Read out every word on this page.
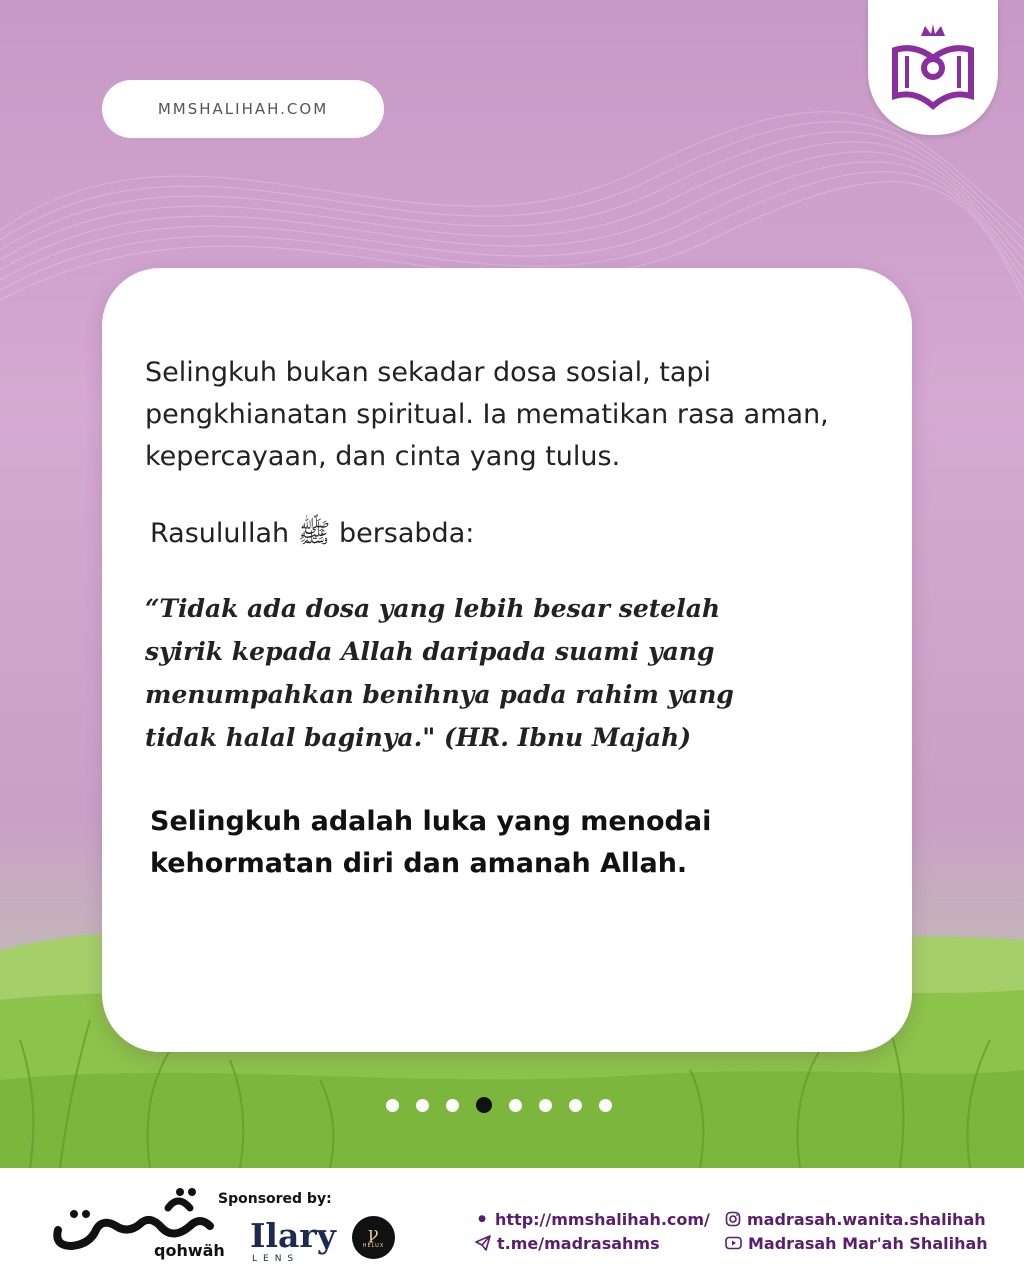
MMSHALIHAH.COM

Selingkuh bukan sekadar dosa sosial, tapi pengkhianatan spiritual. Ia mematikan rasa aman, kepercayaan, dan cinta yang tulus.

Rasulullah ﷺ bersabda:

“Tidak ada dosa yang lebih besar setelah syirik kepada Allah daripada suami yang menumpahkan benihnya pada rahim yang tidak halal baginya." (HR. Ibnu Majah)

Selingkuh adalah luka yang menodai kehormatan diri dan amanah Allah.

qohwäh
Sponsored by:
Ilary
LENS
ꝩ
HELUX
● http://mmshalihah.com/
t.me/madrasahms
madrasah.wanita.shalihah
Madrasah Mar'ah Shalihah
